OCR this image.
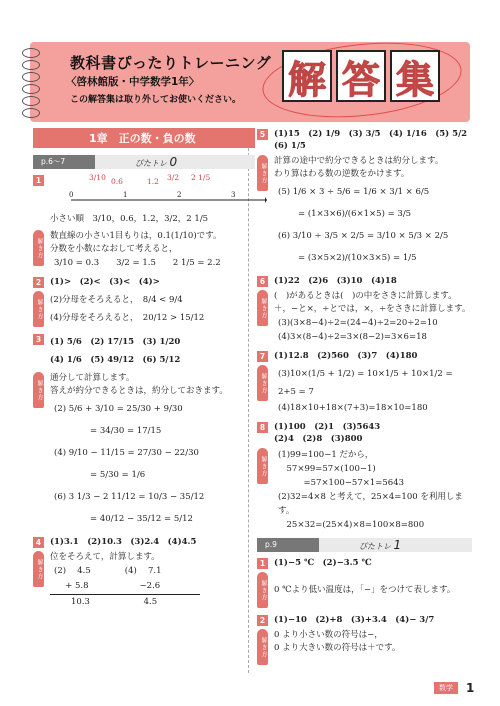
教科書ぴったりトレーニング
〈啓林館版・中学数学1年〉
この解答集は取り外してお使いください。 解 答 集
1章　正の数・負の数
p.6〜7	ぴたトレ 0
1	3/10 0.6	1.2 3/2 2 1/5
0	1	2	3
小さい順　3/10，0.6，1.2，3/2，2 1/5
解き方
数直線の小さい1目もりは，0.1(1/10)です。
分数を小数になおして考えると，
3/10 = 0.3　　3/2 = 1.5　　2 1/5 = 2.2
2	(1)>　(2)<　(3)<　(4)>
解き方 (2)分母をそろえると，　8/4 < 9/4
(4)分母をそろえると，　20/12 > 15/12
3	(1) 5/6　(2) 17/15　(3) 1/20
(4) 1/6　(5) 49/12　(6) 5/12
解き方
通分して計算します。
答えが約分できるときは，約分しておきます。
(2) 5/6 + 3/10 = 25/30 + 9/30
= 34/30 = 17/15
(4) 9/10 − 11/15 = 27/30 − 22/30
= 5/30 = 1/6
(6) 3 1/3 − 2 11/12 = 10/3 − 35/12
= 40/12 − 35/12 = 5/12
4	(1)3.1　(2)10.3　(3)2.4　(4)4.5
解き方
位をそろえて，計算します。
(2)　 4.5　　　　(4)　 7.1
　 + 5.8　　　　　　−2.6
　　10.3　　　　　　 4.5
5	(1)15　(2) 1/9　(3) 3/5　(4) 1/16　(5) 5/2　(6) 1/5
解き方
計算の途中で約分できるときは約分します。
わり算はわる数の逆数をかけます。
(5) 1/6 × 3 ÷ 5/6 = 1/6 × 3/1 × 6/5
= (1×3×6)/(6×1×5) = 3/5
(6) 3/10 ÷ 3/5 × 2/5 = 3/10 × 5/3 × 2/5
= (3×5×2)/(10×3×5) = 1/5
6	(1)22　(2)6　(3)10　(4)18
解き方
(　)があるときは(　)の中をさきに計算します。
＋，−と×，÷とでは，×，÷をさきに計算します。
(3)(3×8−4)÷2=(24−4)÷2=20÷2=10
(4)3×(8−4)÷2=3×(8−2)=3×6=18
7	(1)12.8　(2)560　(3)7　(4)180
解き方	(3)10×(1/5 + 1/2) = 10×1/5 + 10×1/2 = 2+5 = 7
(4)18×10+18×(7+3)=18×10=180
8	(1)100　(2)1　(3)5643
(2)4　(2)8　(3)800
解き方
(1)99=100−1 だから，
　57×99=57×(100−1)
　　　=57×100−57×1=5643
(2)32=4×8 と考えて，25×4=100 を利用します。
　25×32=(25×4)×8=100×8=800
p.9	ぴたトレ 1
1	(1)−5 ℃　(2)−3.5 ℃
解き方 0 ℃より低い温度は，「−」をつけて表します。
2	(1)−10　(2)+8　(3)+3.4　(4)− 3/7
解き方
0 より小さい数の符号は−，
0 より大きい数の符号は＋です。
数学	1
